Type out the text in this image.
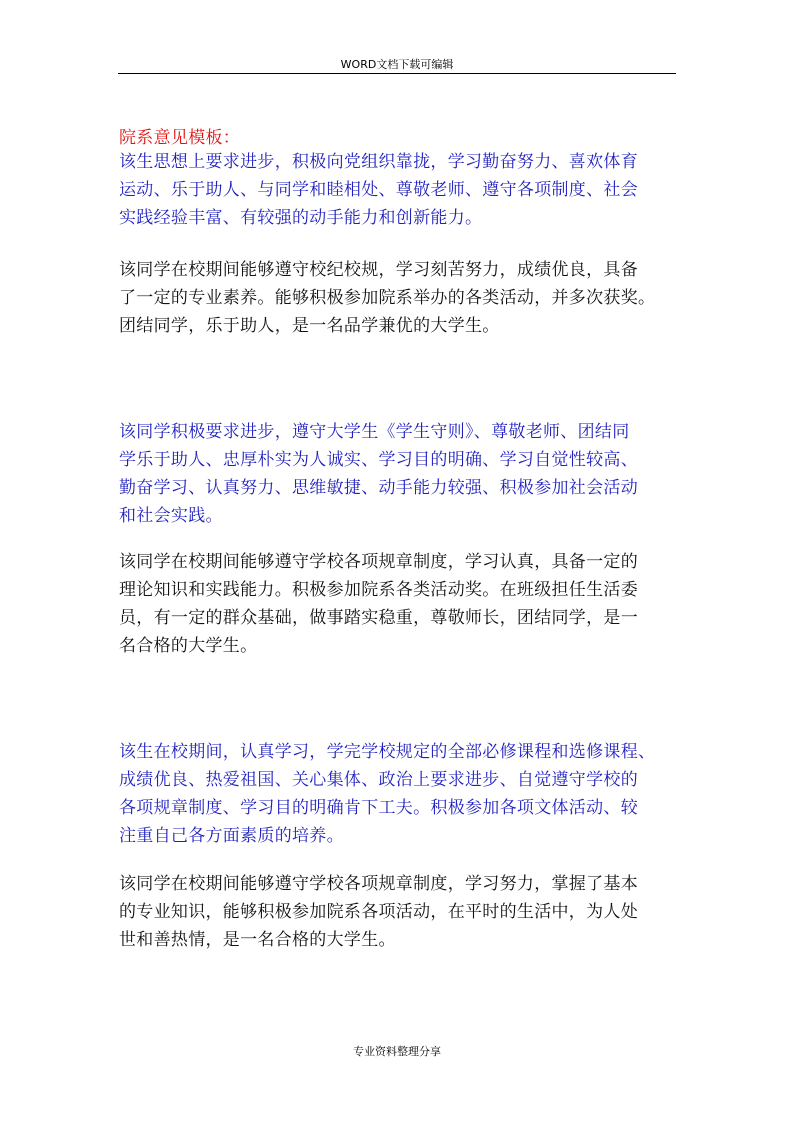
WORD文档下载可编辑
院系意见模板：
该生思想上要求进步，积极向党组织靠拢，学习勤奋努力、喜欢体育
运动、乐于助人、与同学和睦相处、尊敬老师、遵守各项制度、社会
实践经验丰富、有较强的动手能力和创新能力。
该同学在校期间能够遵守校纪校规，学习刻苦努力，成绩优良，具备
了一定的专业素养。能够积极参加院系举办的各类活动，并多次获奖。
团结同学，乐于助人，是一名品学兼优的大学生。
该同学积极要求进步，遵守大学生《学生守则》、尊敬老师、团结同
学乐于助人、忠厚朴实为人诚实、学习目的明确、学习自觉性较高、
勤奋学习、认真努力、思维敏捷、动手能力较强、积极参加社会活动
和社会实践。
该同学在校期间能够遵守学校各项规章制度，学习认真，具备一定的
理论知识和实践能力。积极参加院系各类活动奖。在班级担任生活委
员，有一定的群众基础，做事踏实稳重，尊敬师长，团结同学，是一
名合格的大学生。
该生在校期间，认真学习，学完学校规定的全部必修课程和选修课程、
成绩优良、热爱祖国、关心集体、政治上要求进步、自觉遵守学校的
各项规章制度、学习目的明确肯下工夫。积极参加各项文体活动、较
注重自己各方面素质的培养。
该同学在校期间能够遵守学校各项规章制度，学习努力，掌握了基本
的专业知识，能够积极参加院系各项活动，在平时的生活中，为人处
世和善热情，是一名合格的大学生。
专业资料整理分享
